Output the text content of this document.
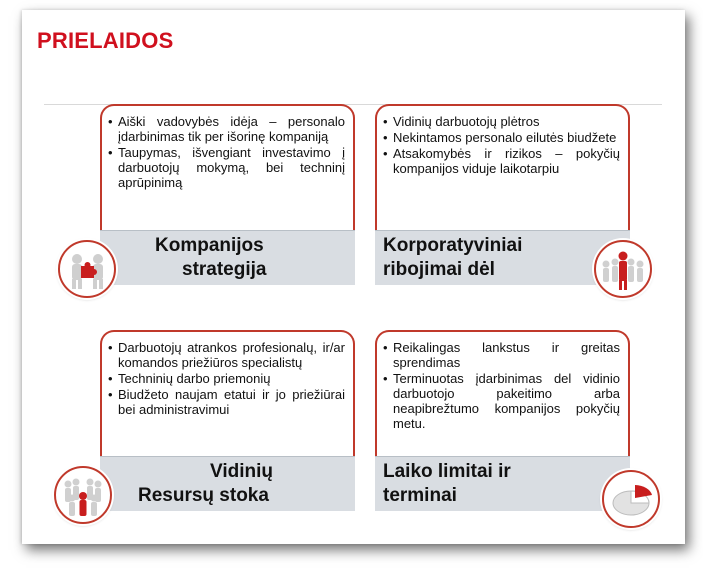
PRIELAIDOS
• Aiški vadovybės idėja – personalo įdarbinimas tik per išorinę kompaniją
• Taupymas, išvengiant investavimo į darbuotojų mokymą, bei techninį aprūpinimą
Kompanijos
strategija
• Vidinių darbuotojų plėtros
• Nekintamos personalo eilutės biudžete
• Atsakomybės ir rizikos – pokyčių kompanijos viduje laikotarpiu
Korporatyviniai
ribojimai dėl
• Darbuotojų atrankos profesionalų, ir/ar komandos priežiūros specialistų
• Techninių darbo priemonių
• Biudžeto naujam etatui ir jo priežiūrai bei administravimui
Vidinių
Resursų stoka
• Reikalingas lankstus ir greitas sprendimas
• Terminuotas įdarbinimas del vidinio darbuotojo pakeitimo arba neapibrežtumo kompanijos pokyčių metu.
Laiko limitai ir
terminai
